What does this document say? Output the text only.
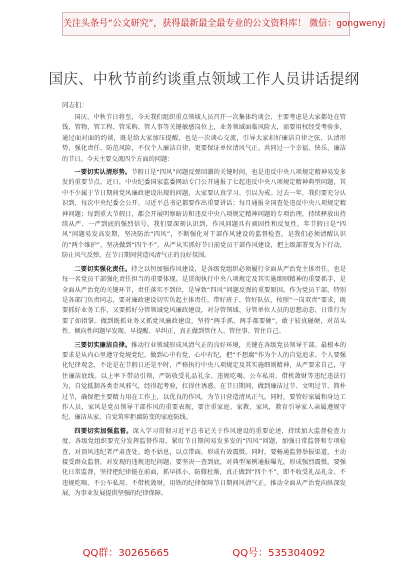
关注头条号“公文研究”，获得最新最全最专业的公文资料库！ 微信：gongwenyj
国庆、中秋节前约谈重点领域工作人员讲话提纲
同志们：

国庆、中秋节日将至，今天我们组织重点领域人员召开一次集体约谈会，主要考虑是大家都处在管钱、管物、管工程、管采购、管人事等关键敏感岗位上，业务领域面临风险大，需要用权经受考验多，通过面对面的约谈，既是给大家加压提醒，也是一次谈心交流，引导大家扣好廉洁自律之弦、认清形势、强化责任、防范风险，不仅个人廉洁自律，更要保证单位清风气正。共同过一个幸福、快乐、廉洁的节日。今天主要交流四个方面的问题：

一要切实认清形势。节假日是“四风”问题反弹回潮的关键时间，也是违反中央八项规定精神易发多发的重要节点。近日，中央纪委国家监委网站专门公开通报了七起违反中央八项规定精神典型问题，其中不少属于节日期间党风廉政建设出现的问题，大家要认真学习、引以为戒。过去一年，我们要充分认识到，每次中央纪委会公开、习近平总书记都要作出重要讲话；每月通报全国查处违反中央八项规定精神问题；每到重大节假日，都会开展明察暗访和违反中央八项规定精神问题的专项治理，持续释放出持续从严、一严到底的强烈信号。我们要深刻认识到，作风问题具有顽固性和反复性，年节假日是“四风”问题易发高发期，坚决防治“四风”，不断强化对干部作风建设的监督检查，是我们必须清醒认识的“两个维护”，坚决做到“四个不”，从严从实抓好节日前党员干部作风建设，把上级部署变为下行动，防止风气反弹，在节日期间营造风清气正的良好氛围。

二要切实强化责任。持之以恒加强作风建设，是各级党组织必须履行全面从严治党主体责任，也是每一名党员干部强化责任担当的重要体现。是贯彻执行中央八项规定及其实施细则精神的重要抓手，是全面从严治党的关键环节，责任落实不到位，是导致“四风”问题反弹的重要原因。作为党员干部，特别是各部门负责同志，要对廉政建设切实负起主体责任，带好班子、管好队伍，按照“一岗双责”要求，既要抓好业务工作，又要抓好分管领域党风廉政建设，对分管领域、分管单位人员的思想动态、日常行为要了如指掌。做到既抓业务又抓党风廉政建设，坚持“两手抓、两手都要硬”，敢于较真碰硬，对苗头性、倾向性问题早发现、早提醒、早纠正，真正做到管住人、管住事、管住自己。

三要切实廉洁自律。推动行业领域形成风清气正的良好环境，关键在各级党员领导干部。最根本的要求是从内心里遵守党规党纪，做到心中有党、心中有纪，把“不想腐”作为个人的自觉追求。个人要强化纪律观念，不论是在节假日还是平时，严格执行中央八项规定及其实施细则精神，从严要求自己，守住廉洁底线。以上率下带动引领，严防收受礼品礼金、违规吃喝、公车私用、借机敛财等违纪违法行为，自觉抵制各类歪风邪气，经得起考验，扛得住诱惑。在节日期间，做到廉洁过节、文明过节、简朴过节，确保把主要精力用在工作上，以优良的作风，为节日营造清风正气。同时，要管好家属和身边工作人员，家风是党员领导干部作风的重要表现，要注重家庭、家教、家风，教育引导家人亲属遵规守纪、廉洁从家，自觉筑牢拒腐防变的家庭防线。

四要切实加强监督。深入学习贯彻习近平总书记关于作风建设的重要论述，持续加大监督检查力度。各级党组织要充分发挥监督作用，紧盯节日期间易发多发的“四风”问题，加强日常监督和专项检查，对顶风违纪者严肃查处、绝不姑息，以点带面，形成有效震慑。同时，要畅通监督举报渠道，主动接受群众监督，对发现的违规违纪问题，要坚决一查到底，对典型案例通报曝光，形成强烈震慑。要强化日常监督，坚持把纪律挺在前面，抓早抓小、防微杜渐，真正做到“四个不”，即不收受礼品礼金、不违规吃喝、不公车私用、不借机敛财，用铁的纪律保障节日期间风清气正，推动全面从严治党向纵深发展，为事业发展提供坚强的纪律保障。

QQ群：30265665	QQ号：535304092
